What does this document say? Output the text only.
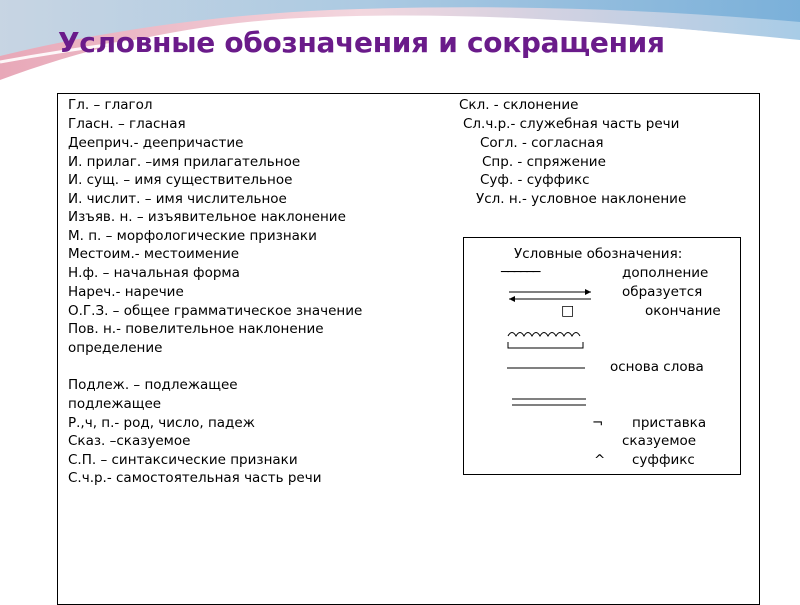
Условные обозначения и сокращения
Гл. – глагол
Гласн. – гласная
Дееприч.- деепричастие
И. прилаг. –имя прилагательное
И. сущ. – имя существительное
И. числит. – имя числительное
Изъяв. н. – изъявительное наклонение
М. п. – морфологические признаки
Местоим.- местоимение
Н.ф. – начальная форма
Нареч.- наречие
О.Г.З. – общее грамматическое значение
Пов. н.- повелительное наклонение
определение
Подлеж. – подлежащее
подлежащее
Р.,ч, п.- род, число, падеж
Сказ. –сказуемое
С.П. – синтаксические признаки
С.ч.р.- самостоятельная часть речи
Скл. - склонение
Сл.ч.р.- служебная часть речи
Согл. - согласная
Спр. - спряжение
Суф. - суффикс
Усл. н.- условное наклонение
Условные обозначения:
──────	дополнение
образуется
□	окончание
основа слова
¬ приставка
сказуемое
^ суффикс
